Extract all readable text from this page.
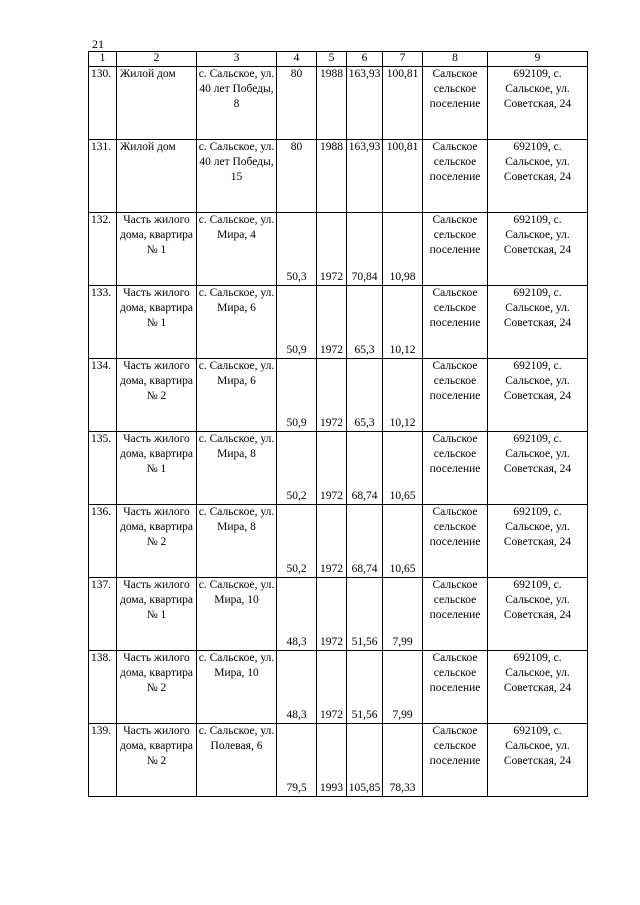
21
1	2	3	4	5	6	7	8	9
130.	Жилой дом	с. Сальское, ул. 40 лет Победы, 8	80	1988	163,93	100,81	Сальское сельское поселение	692109, с. Сальское, ул. Советская, 24
131.	Жилой дом	с. Сальское, ул. 40 лет Победы, 15	80	1988	163,93	100,81	Сальское сельское поселение	692109, с. Сальское, ул. Советская, 24
132.	Часть жилого дома, квартира № 1	с. Сальское, ул. Мира, 4	50,3	1972	70,84	10,98	Сальское сельское поселение	692109, с. Сальское, ул. Советская, 24
133.	Часть жилого дома, квартира № 1	с. Сальское, ул. Мира, 6	50,9	1972	65,3	10,12	Сальское сельское поселение	692109, с. Сальское, ул. Советская, 24
134.	Часть жилого дома, квартира № 2	с. Сальское, ул. Мира, 6	50,9	1972	65,3	10,12	Сальское сельское поселение	692109, с. Сальское, ул. Советская, 24
135.	Часть жилого дома, квартира № 1	с. Сальское, ул. Мира, 8	50,2	1972	68,74	10,65	Сальское сельское поселение	692109, с. Сальское, ул. Советская, 24
136.	Часть жилого дома, квартира № 2	с. Сальское, ул. Мира, 8	50,2	1972	68,74	10,65	Сальское сельское поселение	692109, с. Сальское, ул. Советская, 24
137.	Часть жилого дома, квартира № 1	с. Сальское, ул. Мира, 10	48,3	1972	51,56	7,99	Сальское сельское поселение	692109, с. Сальское, ул. Советская, 24
138.	Часть жилого дома, квартира № 2	с. Сальское, ул. Мира, 10	48,3	1972	51,56	7,99	Сальское сельское поселение	692109, с. Сальское, ул. Советская, 24
139.	Часть жилого дома, квартира № 2	с. Сальское, ул. Полевая, 6	79,5	1993	105,85	78,33	Сальское сельское поселение	692109, с. Сальское, ул. Советская, 24
